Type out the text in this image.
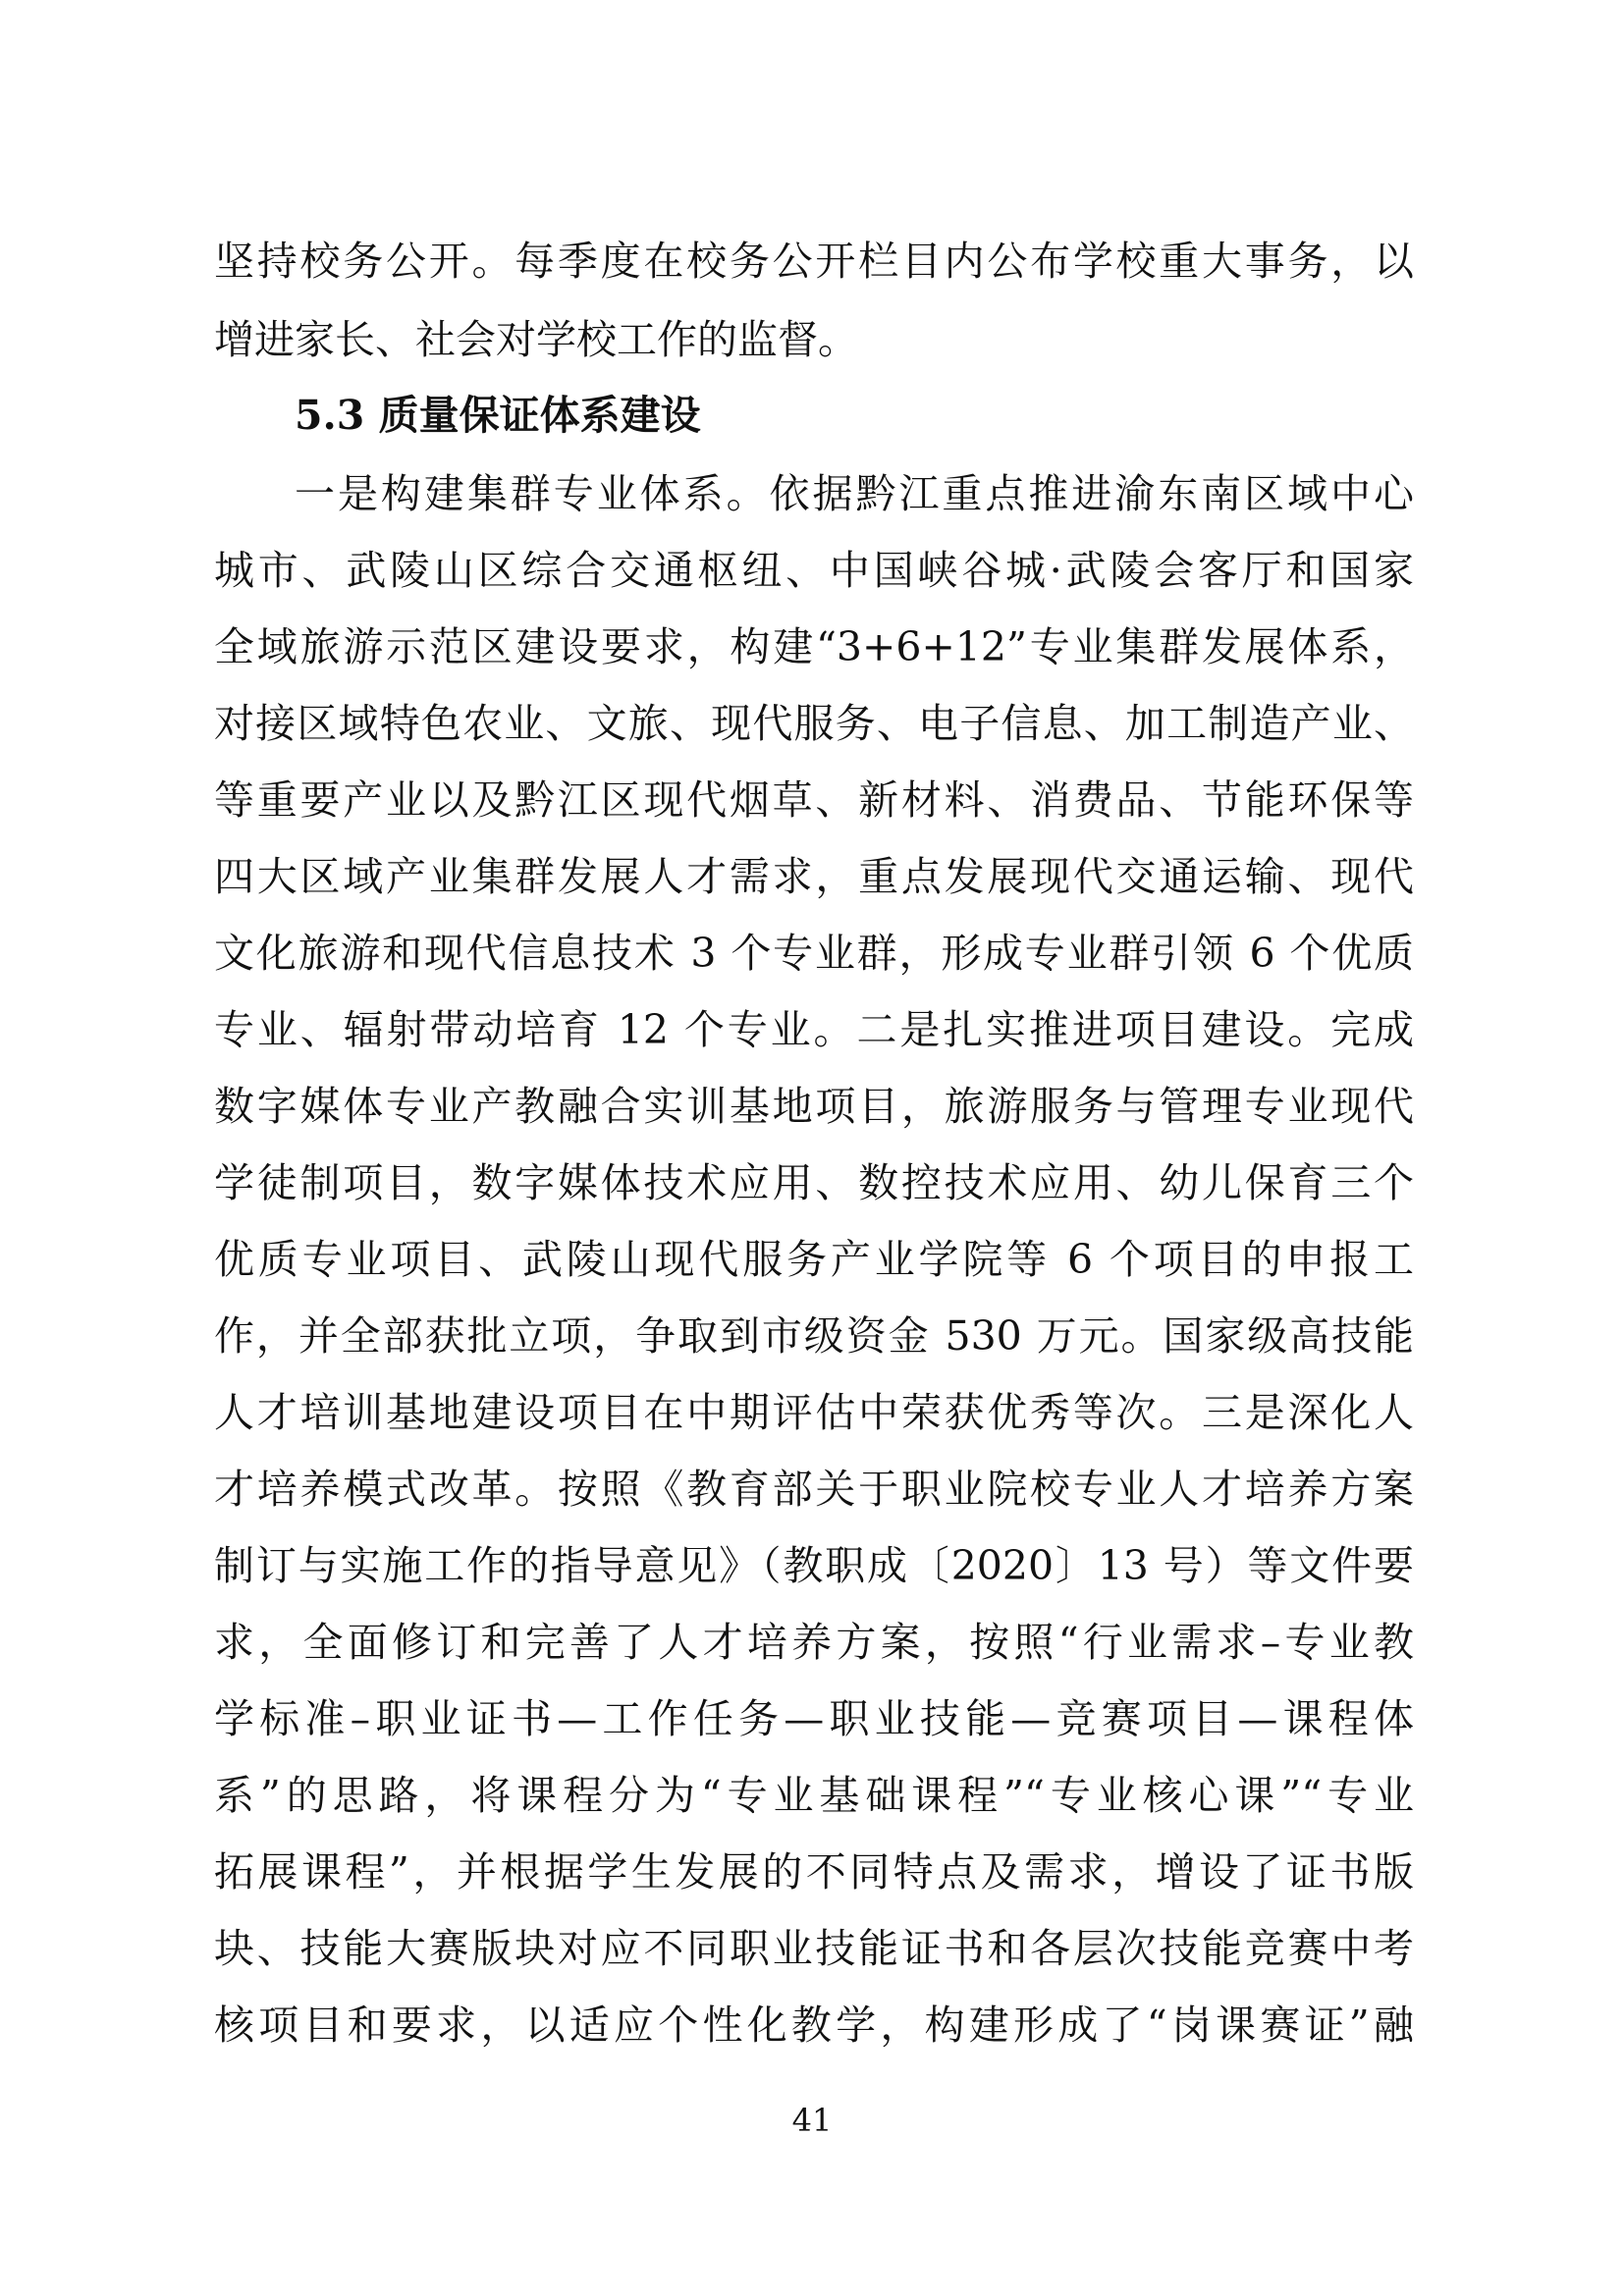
坚持校务公开。每季度在校务公开栏目内公布学校重大事务，以
增进家长、社会对学校工作的监督。
5.3 质量保证体系建设
一是构建集群专业体系。依据黔江重点推进渝东南区域中心
城市、武陵山区综合交通枢纽、中国峡谷城·武陵会客厅和国家
全域旅游示范区建设要求，构建“3+6+12”专业集群发展体系，
对接区域特色农业、文旅、现代服务、电子信息、加工制造产业、
等重要产业以及黔江区现代烟草、新材料、消费品、节能环保等
四大区域产业集群发展人才需求，重点发展现代交通运输、现代
文化旅游和现代信息技术 3 个专业群，形成专业群引领 6 个优质
专业、辐射带动培育 12 个专业。二是扎实推进项目建设。完成
数字媒体专业产教融合实训基地项目，旅游服务与管理专业现代
学徒制项目，数字媒体技术应用、数控技术应用、幼儿保育三个
优质专业项目、武陵山现代服务产业学院等 6 个项目的申报工
作，并全部获批立项，争取到市级资金 530 万元。国家级高技能
人才培训基地建设项目在中期评估中荣获优秀等次。三是深化人
才培养模式改革。按照《教育部关于职业院校专业人才培养方案
制订与实施工作的指导意见》（教职成〔2020〕13 号）等文件要
求，全面修订和完善了人才培养方案，按照“行业需求–专业教
学标准–职业证书—工作任务—职业技能—竞赛项目—课程体
系”的思路，将课程分为“专业基础课程”“专业核心课”“专业
拓展课程”，并根据学生发展的不同特点及需求，增设了证书版
块、技能大赛版块对应不同职业技能证书和各层次技能竞赛中考
核项目和要求，以适应个性化教学，构建形成了“岗课赛证”融
41
